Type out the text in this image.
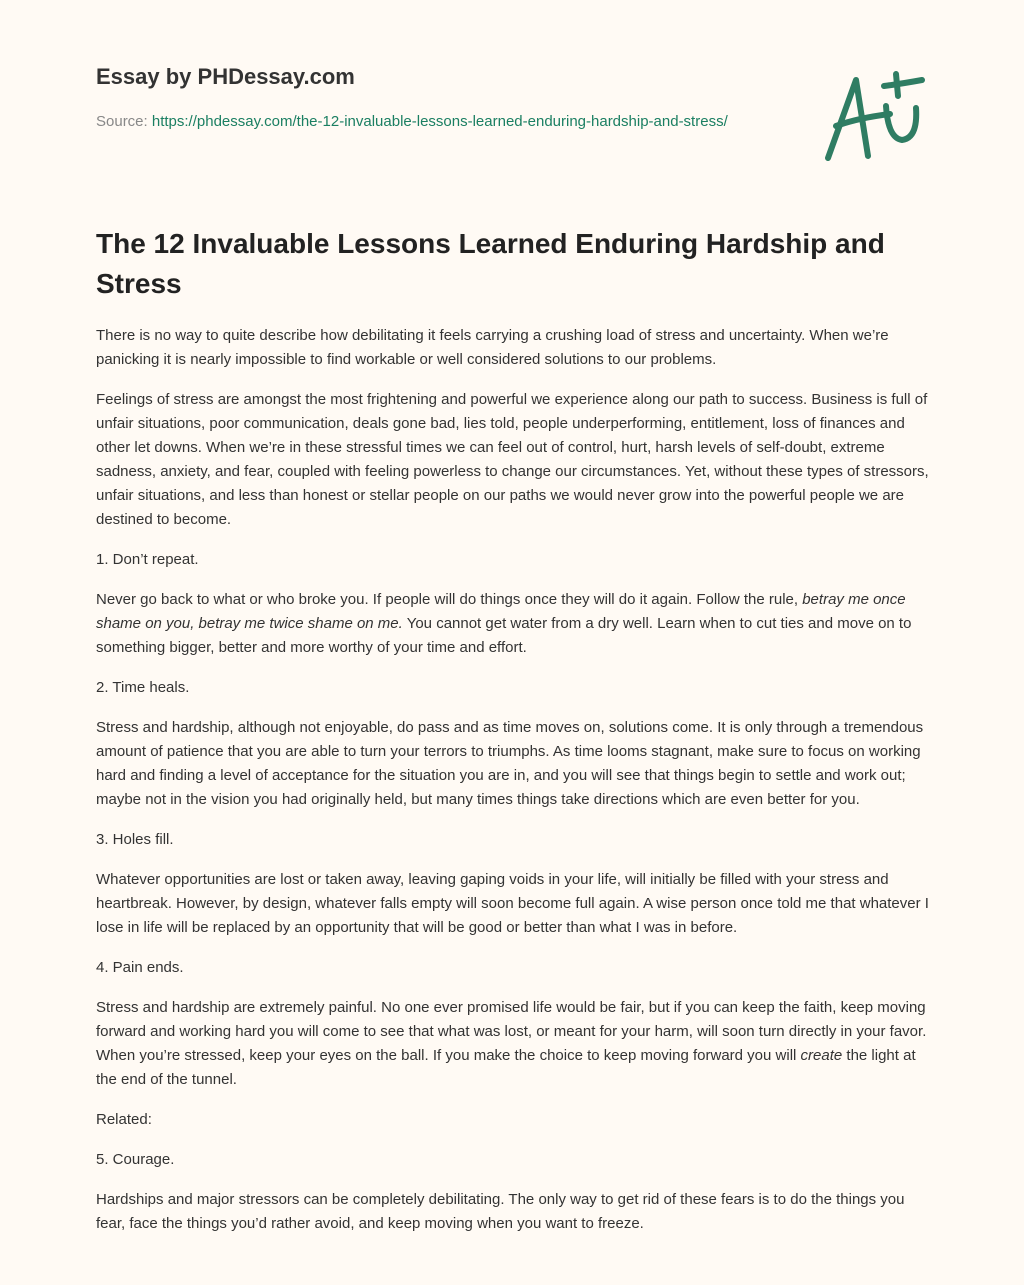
Essay by PHDessay.com
Source: https://phdessay.com/the-12-invaluable-lessons-learned-enduring-hardship-and-stress/
The 12 Invaluable Lessons Learned Enduring Hardship and Stress

There is no way to quite describe how debilitating it feels carrying a crushing load of stress and uncertainty. When we’re panicking it is nearly impossible to find workable or well considered solutions to our problems.

Feelings of stress are amongst the most frightening and powerful we experience along our path to success. Business is full of unfair situations, poor communication, deals gone bad, lies told, people underperforming, entitlement, loss of finances and other let downs. When we’re in these stressful times we can feel out of control, hurt, harsh levels of self-doubt, extreme sadness, anxiety, and fear, coupled with feeling powerless to change our circumstances. Yet, without these types of stressors, unfair situations, and less than honest or stellar people on our paths we would never grow into the powerful people we are destined to become.

1. Don’t repeat.

Never go back to what or who broke you. If people will do things once they will do it again. Follow the rule, betray me once shame on you, betray me twice shame on me. You cannot get water from a dry well. Learn when to cut ties and move on to something bigger, better and more worthy of your time and effort.

2. Time heals.

Stress and hardship, although not enjoyable, do pass and as time moves on, solutions come. It is only through a tremendous amount of patience that you are able to turn your terrors to triumphs. As time looms stagnant, make sure to focus on working hard and finding a level of acceptance for the situation you are in, and you will see that things begin to settle and work out; maybe not in the vision you had originally held, but many times things take directions which are even better for you.

3. Holes fill.

Whatever opportunities are lost or taken away, leaving gaping voids in your life, will initially be filled with your stress and heartbreak. However, by design, whatever falls empty will soon become full again. A wise person once told me that whatever I lose in life will be replaced by an opportunity that will be good or better than what I was in before.

4. Pain ends.

Stress and hardship are extremely painful. No one ever promised life would be fair, but if you can keep the faith, keep moving forward and working hard you will come to see that what was lost, or meant for your harm, will soon turn directly in your favor. When you’re stressed, keep your eyes on the ball. If you make the choice to keep moving forward you will create the light at the end of the tunnel.

Related:

5. Courage.

Hardships and major stressors can be completely debilitating. The only way to get rid of these fears is to do the things you fear, face the things you’d rather avoid, and keep moving when you want to freeze.
